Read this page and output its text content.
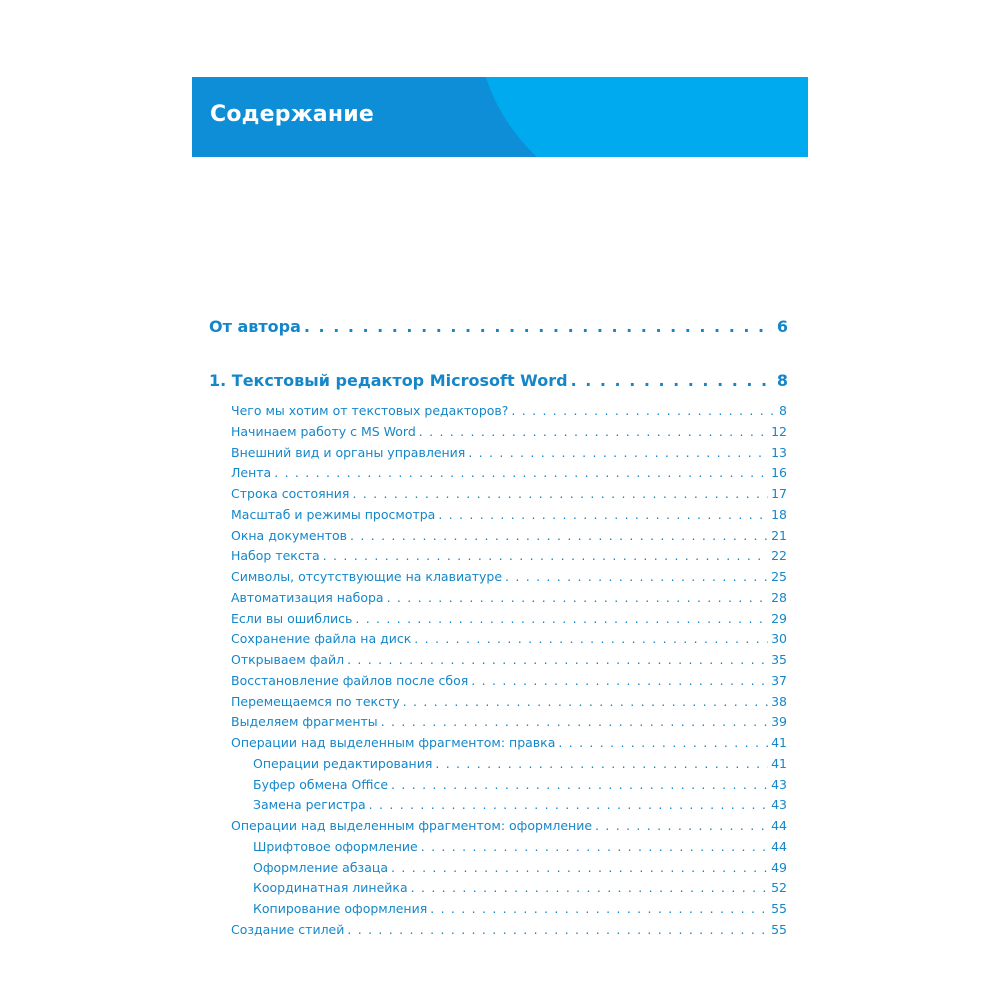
Содержание
От автора . . .	6
1. Текстовый редактор Microsoft Word . . .	8
Чего мы хотим от текстовых редакторов? . . .	8
Начинаем работу с MS Word . . .	12
Внешний вид и органы управления . . .	13
Лента . . .	16
Строка состояния . . .	17
Масштаб и режимы просмотра . . .	18
Окна документов . . .	21
Набор текста . . .	22
Символы, отсутствующие на клавиатуре . . .	25
Автоматизация набора . . .	28
Если вы ошиблись . . .	29
Сохранение файла на диск . . .	30
Открываем файл . . .	35
Восстановление файлов после сбоя . . .	37
Перемещаемся по тексту . . .	38
Выделяем фрагменты . . .	39
Операции над выделенным фрагментом: правка . . .	41
Операции редактирования . . .	41
Буфер обмена Office . . .	43
Замена регистра . . .	43
Операции над выделенным фрагментом: оформление . . .	44
Шрифтовое оформление . . .	44
Оформление абзаца . . .	49
Координатная линейка . . .	52
Копирование оформления . . .	55
Создание стилей . . .	55
